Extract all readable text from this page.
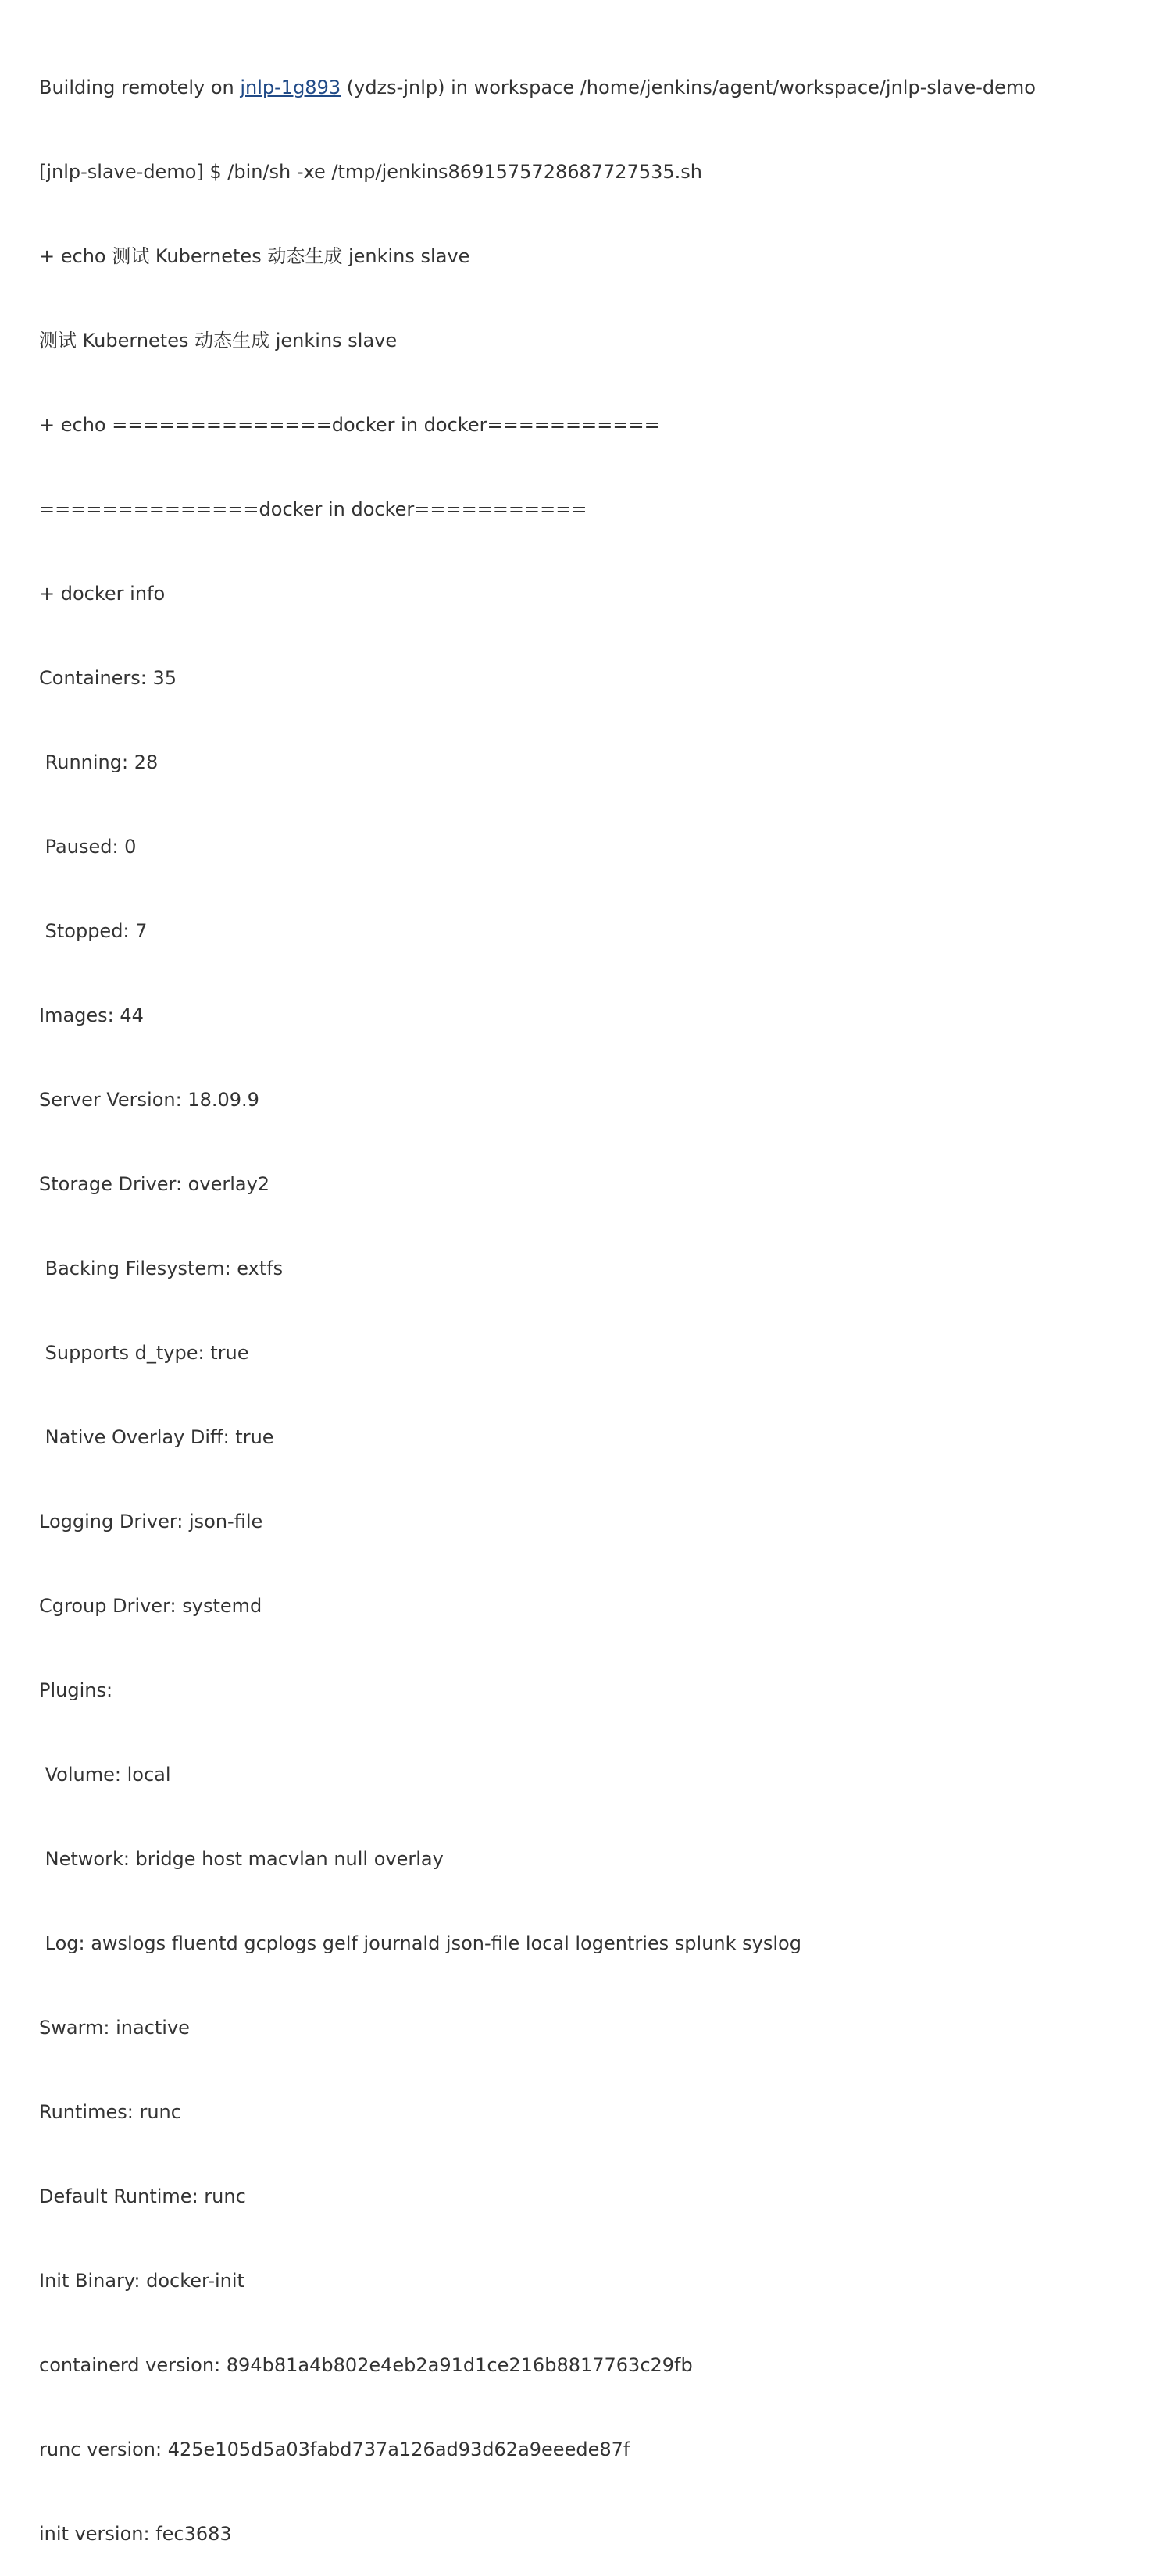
Building remotely on jnlp-1g893 (ydzs-jnlp) in workspace /home/jenkins/agent/workspace/jnlp-slave-demo

[jnlp-slave-demo] $ /bin/sh -xe /tmp/jenkins8691575728687727535.sh

+ echo 测试 Kubernetes 动态生成 jenkins slave

测试 Kubernetes 动态生成 jenkins slave

+ echo ==============docker in docker===========

==============docker in docker===========

+ docker info

Containers: 35

Running: 28

Paused: 0

Stopped: 7

Images: 44

Server Version: 18.09.9

Storage Driver: overlay2

Backing Filesystem: extfs

Supports d_type: true

Native Overlay Diff: true

Logging Driver: json-file

Cgroup Driver: systemd

Plugins:

Volume: local

Network: bridge host macvlan null overlay

Log: awslogs fluentd gcplogs gelf journald json-file local logentries splunk syslog

Swarm: inactive

Runtimes: runc

Default Runtime: runc

Init Binary: docker-init

containerd version: 894b81a4b802e4eb2a91d1ce216b8817763c29fb

runc version: 425e105d5a03fabd737a126ad93d62a9eeede87f

init version: fec3683
